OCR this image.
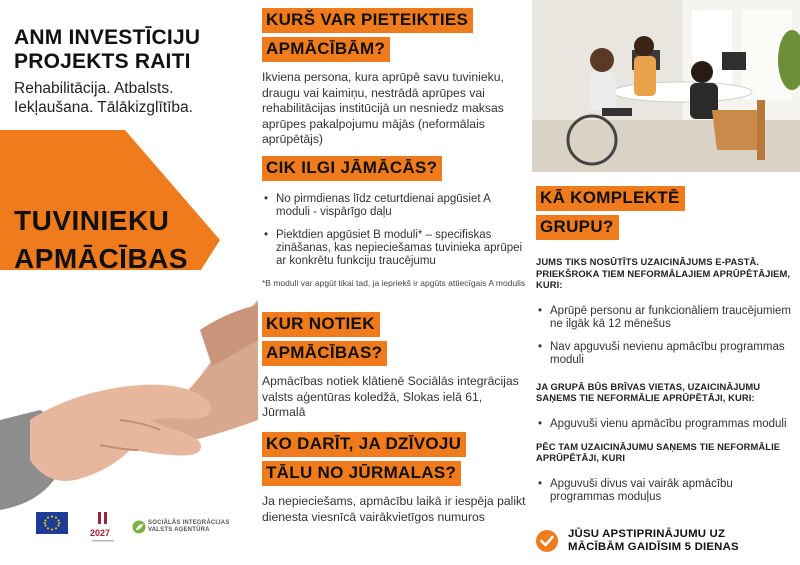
ANM INVESTĪCIJU
PROJEKTS RAITI
Rehabilitācija. Atbalsts.
Iekļaušana. Tālākizglītība.
TUVINIEKU
APMĀCĪBAS
2027
SOCIĀLĀS INTEGRĀCIJAS
VALSTS AĢENTŪRA
KURŠ VAR PIETEIKTIES
APMĀCĪBĀM?

Ikviena persona, kura aprūpē savu tuvinieku, draugu vai kaimiņu, nestrādā aprūpes vai rehabilitācijas institūcijā un nesniedz maksas aprūpes pakalpojumu mājās (neformālais aprūpētājs)

CIK ILGI JĀMĀCĀS?
• No pirmdienas līdz ceturtdienai apgūsiet A moduli - vispārīgo daļu
• Piektdien apgūsiet B moduli* – specifiskas zināšanas, kas nepieciešamas tuvinieka aprūpei ar konkrētu funkciju traucējumu

*B moduli var apgūt tikai tad, ja iepriekš ir apgūts attiecīgais A modulis

KUR NOTIEK
APMĀCĪBAS?

Apmācības notiek klātienē Sociālās integrācijas valsts aģentūras koledžā, Slokas ielā 61, Jūrmalā

KO DARĪT, JA DZĪVOJU
TĀLU NO JŪRMALAS?

Ja nepieciešams, apmācību laikā ir iespēja palikt dienesta viesnīcā vairākvietīgos numuros

KĀ KOMPLEKTĒ
GRUPU?

JUMS TIKS NOSŪTĪTS UZAICINĀJUMS E-PASTĀ. PRIEKŠROKA TIEM NEFORMĀLAJIEM APRŪPĒTĀJIEM, KURI:

• Aprūpē personu ar funkcionāliem traucējumiem ne ilgāk kā 12 mēnešus
• Nav apguvuši nevienu apmācību programmas moduli

JA GRUPĀ BŪS BRĪVAS VIETAS, UZAICINĀJUMU SAŅEMS TIE NEFORMĀLIE APRŪPĒTĀJI, KURI:

• Apguvuši vienu apmācību programmas moduli

PĒC TAM UZAICINĀJUMU SAŅEMS TIE NEFORMĀLIE APRŪPĒTĀJI, KURI

• Apguvuši divus vai vairāk apmācību programmas moduļus
JŪSU APSTIPRINĀJUMU UZ
MĀCĪBĀM GAIDĪSIM 5 DIENAS
